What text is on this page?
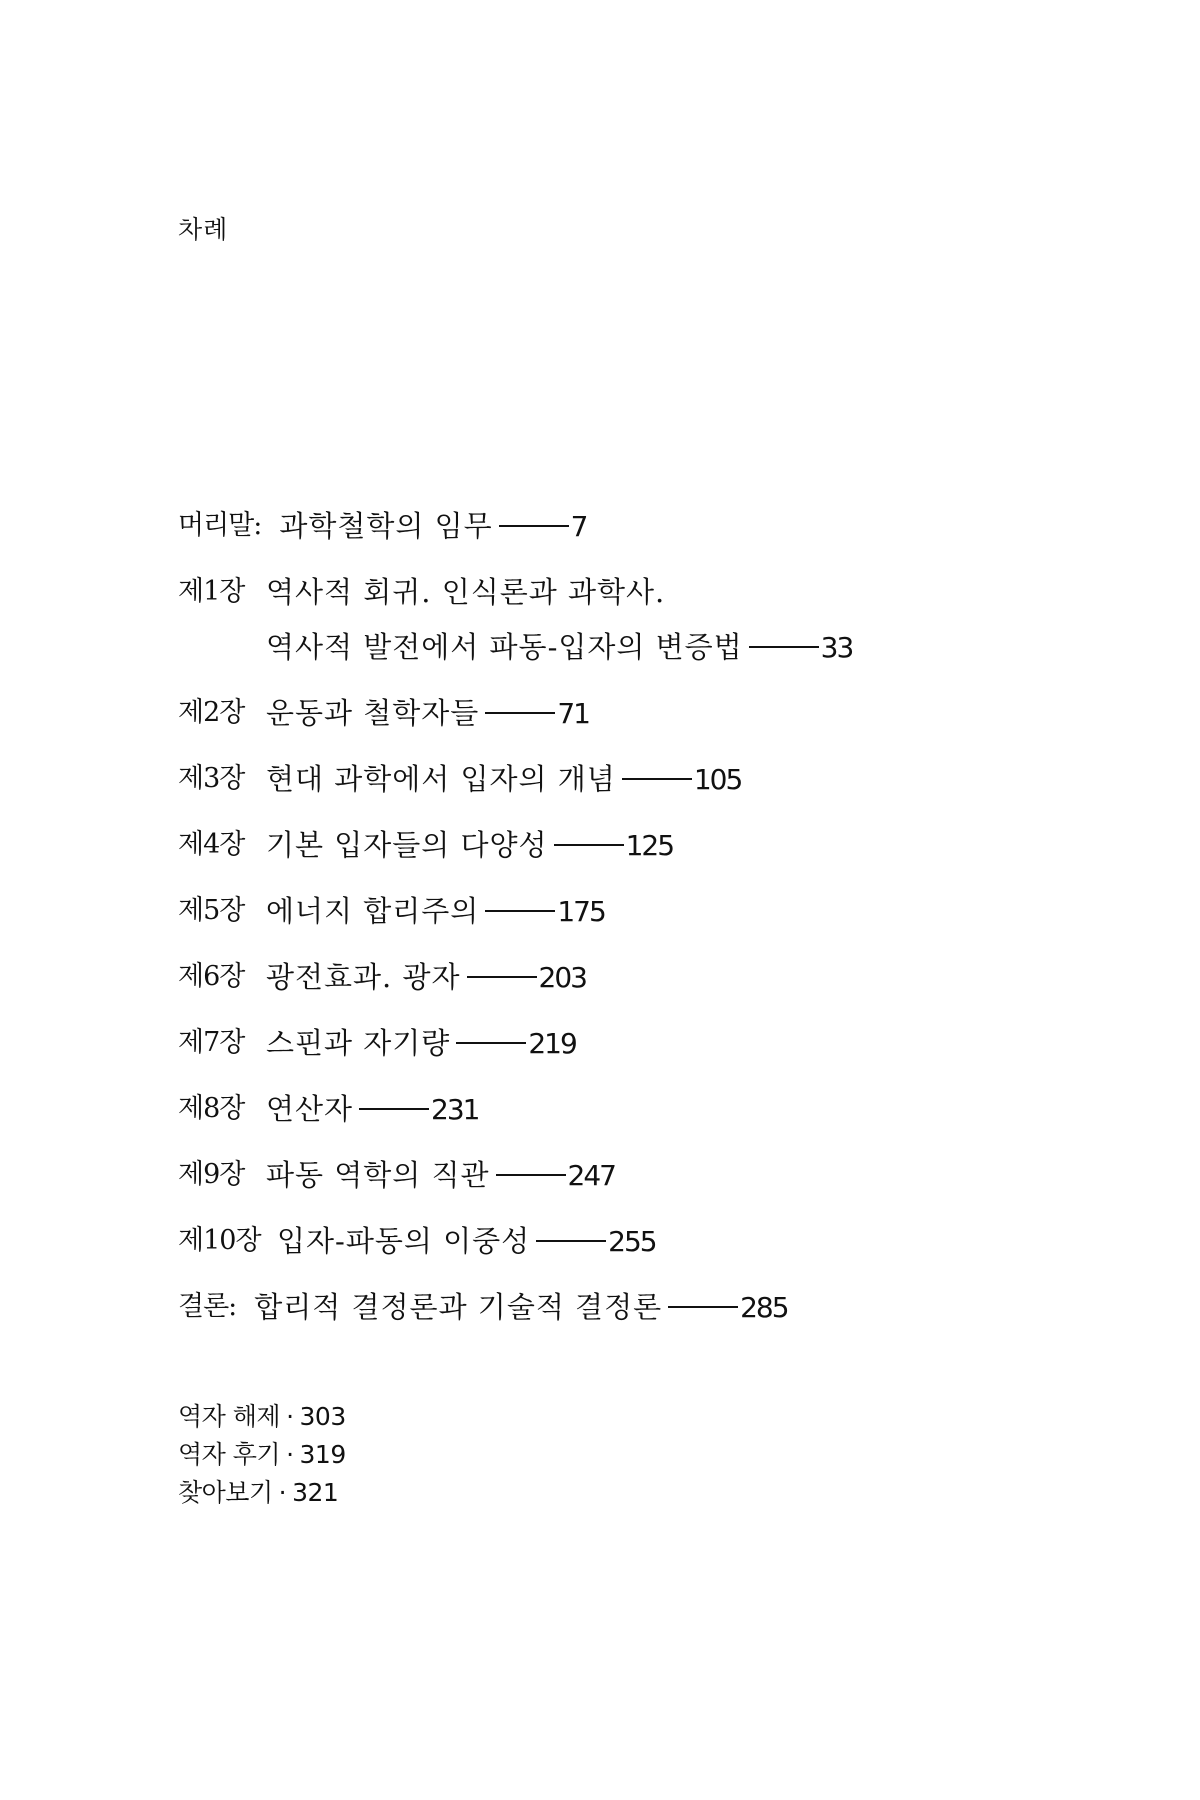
차례
머리말: 과학철학의 임무	7
제1장 역사적 회귀. 인식론과 과학사.
역사적 발전에서 파동-입자의 변증법	33
제2장 운동과 철학자들	71
제3장 현대 과학에서 입자의 개념	105
제4장 기본 입자들의 다양성	125
제5장 에너지 합리주의	175
제6장 광전효과. 광자	203
제7장 스핀과 자기량	219
제8장 연산자	231
제9장 파동 역학의 직관	247
제10장 입자-파동의 이중성	255
결론: 합리적 결정론과 기술적 결정론	285
역자 해제 · 303
역자 후기 · 319
찾아보기 · 321
